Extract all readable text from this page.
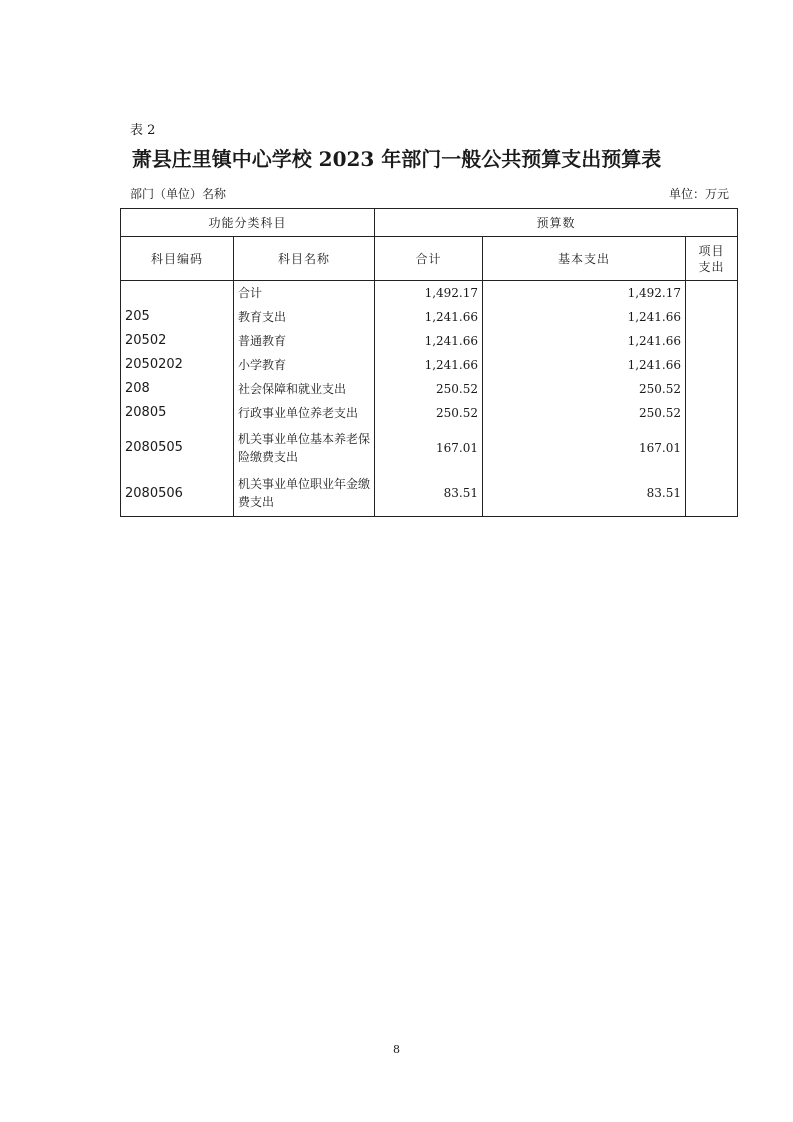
表 2
萧县庄里镇中心学校 2023 年部门一般公共预算支出预算表
部门（单位）名称	单位：万元
功能分类科目		预算数		
科目编码	科目名称	合计	基本支出	项目
支出

	合计	1,492.17	1,492.17	
205	教育支出	1,241.66	1,241.66	
20502	普通教育	1,241.66	1,241.66	
2050202	小学教育	1,241.66	1,241.66	
208	社会保障和就业支出	250.52	250.52	
20805	行政事业单位养老支出	250.52	250.52	
2080505	机关事业单位基本养老保险缴费支出	167.01	167.01	
2080506	机关事业单位职业年金缴费支出	83.51	83.51	
8
